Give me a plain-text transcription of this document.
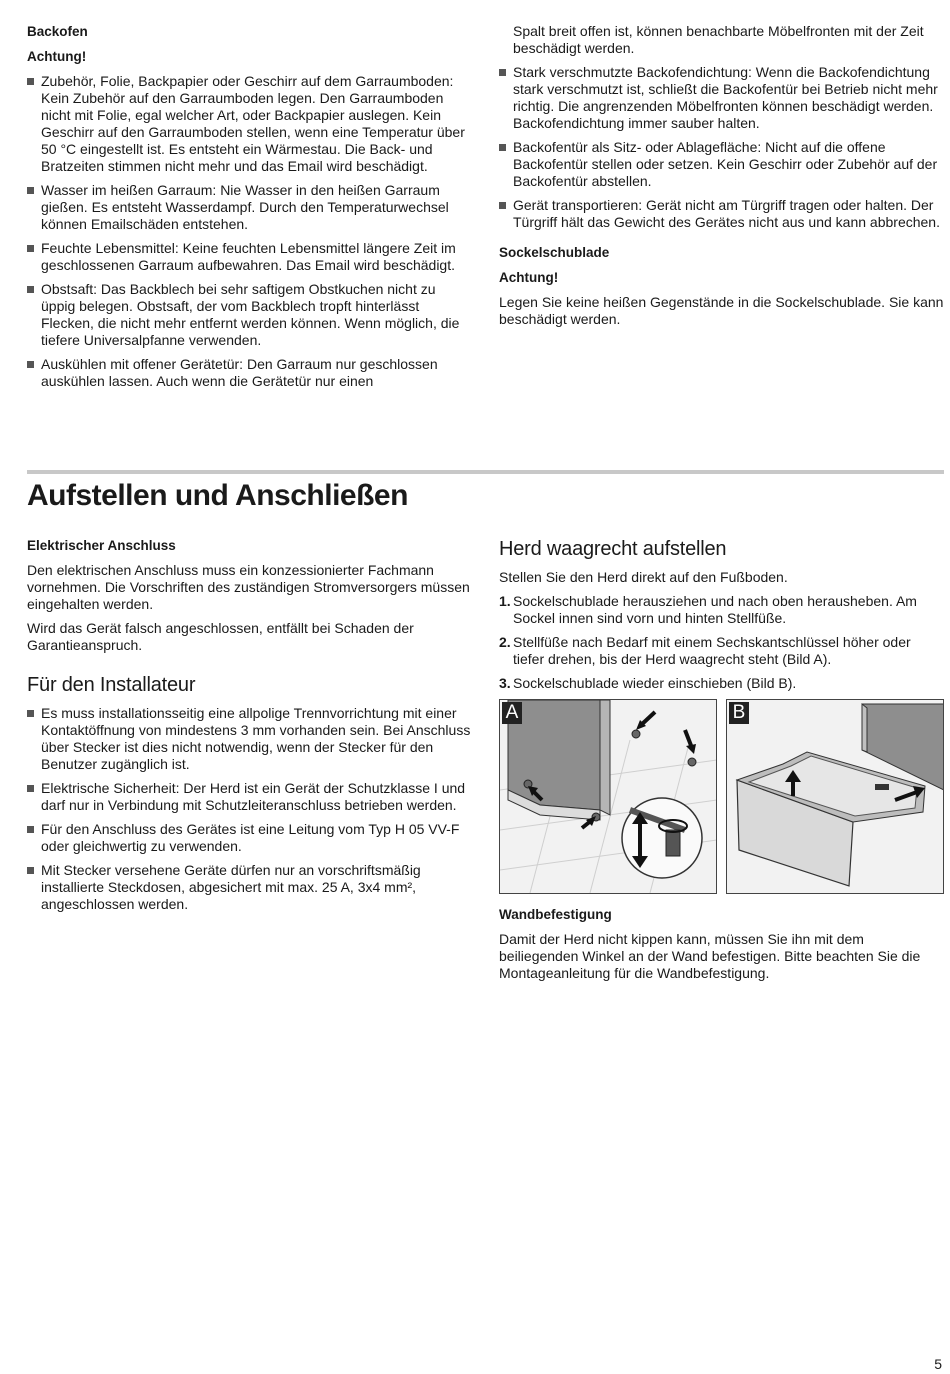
Backofen
Achtung!
Zubehör, Folie, Backpapier oder Geschirr auf dem Garraumboden: Kein Zubehör auf den Garraumboden legen. Den Garraumboden nicht mit Folie, egal welcher Art, oder Backpapier auslegen. Kein Geschirr auf den Garraumboden stellen, wenn eine Temperatur über 50 °C eingestellt ist. Es entsteht ein Wärmestau. Die Back- und Bratzeiten stimmen nicht mehr und das Email wird beschädigt.
Wasser im heißen Garraum: Nie Wasser in den heißen Garraum gießen. Es entsteht Wasserdampf. Durch den Temperaturwechsel können Emailschäden entstehen.
Feuchte Lebensmittel: Keine feuchten Lebensmittel längere Zeit im geschlossenen Garraum aufbewahren. Das Email wird beschädigt.
Obstsaft: Das Backblech bei sehr saftigem Obstkuchen nicht zu üppig belegen. Obstsaft, der vom Backblech tropft hinterlässt Flecken, die nicht mehr entfernt werden können. Wenn möglich, die tiefere Universalpfanne verwenden.
Auskühlen mit offener Gerätetür: Den Garraum nur geschlossen auskühlen lassen. Auch wenn die Gerätetür nur einen
Spalt breit offen ist, können benachbarte Möbelfronten mit der Zeit beschädigt werden.
Stark verschmutzte Backofendichtung: Wenn die Backofendichtung stark verschmutzt ist, schließt die Backofentür bei Betrieb nicht mehr richtig. Die angrenzenden Möbelfronten können beschädigt werden. Backofendichtung immer sauber halten.
Backofentür als Sitz- oder Ablagefläche: Nicht auf die offene Backofentür stellen oder setzen. Kein Geschirr oder Zubehör auf der Backofentür abstellen.
Gerät transportieren: Gerät nicht am Türgriff tragen oder halten. Der Türgriff hält das Gewicht des Gerätes nicht aus und kann abbrechen.
Sockelschublade
Achtung!

Legen Sie keine heißen Gegenstände in die Sockelschublade. Sie kann beschädigt werden.

Aufstellen und Anschließen
Elektrischer Anschluss

Den elektrischen Anschluss muss ein konzessionierter Fachmann vornehmen. Die Vorschriften des zuständigen Stromversorgers müssen eingehalten werden.

Wird das Gerät falsch angeschlossen, entfällt bei Schaden der Garantieanspruch.

Für den Installateur
Es muss installationsseitig eine allpolige Trennvorrichtung mit einer Kontaktöffnung von mindestens 3 mm vorhanden sein. Bei Anschluss über Stecker ist dies nicht notwendig, wenn der Stecker für den Benutzer zugänglich ist.
Elektrische Sicherheit: Der Herd ist ein Gerät der Schutzklasse I und darf nur in Verbindung mit Schutzleiteranschluss betrieben werden.
Für den Anschluss des Gerätes ist eine Leitung vom Typ H 05 VV-F oder gleichwertig zu verwenden.
Mit Stecker versehene Geräte dürfen nur an vorschriftsmäßig installierte Steckdosen, abgesichert mit max. 25 A, 3x4 mm², angeschlossen werden.
Herd waagrecht aufstellen

Stellen Sie den Herd direkt auf den Fußboden.

1. Sockelschublade herausziehen und nach oben herausheben. Am Sockel innen sind vorn und hinten Stellfüße.
2. Stellfüße nach Bedarf mit einem Sechskantschlüssel höher oder tiefer drehen, bis der Herd waagrecht steht (Bild A).
3. Sockelschublade wieder einschieben (Bild B).
A	B
Wandbefestigung

Damit der Herd nicht kippen kann, müssen Sie ihn mit dem beiliegenden Winkel an der Wand befestigen. Bitte beachten Sie die Montageanleitung für die Wandbefestigung.

5
